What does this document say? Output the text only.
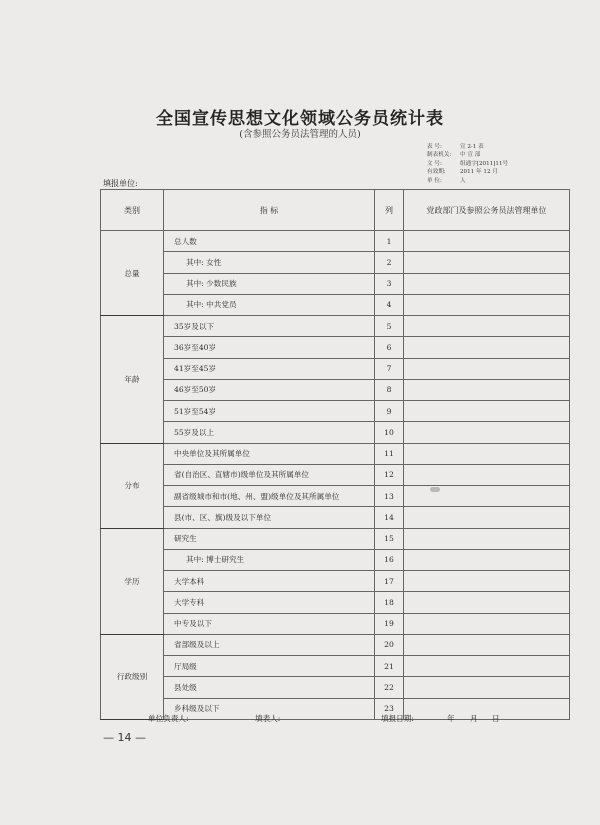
全国宣传思想文化领域公务员统计表
(含参照公务员法管理的人员)
表 号:	宣 2-1 表
制表机关:	中 宣 部
文 号:	组通字[2011]11号
有效期:	2011 年 12 月
单 位:	人
填报单位:
类别	指 标	列	党政部门及参照公务员法管理单位
总量	总人数	1	
	其中: 女性	2	
	其中: 少数民族	3	
	其中: 中共党员	4	
年龄	35岁及以下	5	
	36岁至40岁	6	
	41岁至45岁	7	
	46岁至50岁	8	
	51岁至54岁	9	
	55岁及以上	10	
分布	中央单位及其所属单位	11	
	省(自治区、直辖市)级单位及其所属单位	12	
	副省级城市和市(地、州、盟)级单位及其所属单位	13	
	县(市、区、旗)级及以下单位	14	
学历	研究生	15	
	其中: 博士研究生	16	
	大学本科	17	
	大学专科	18	
	中专及以下	19	
行政级别	省部级及以上	20	
	厅局级	21	
	县处级	22	
	乡科级及以下	23	
单位负责人:	填表人:	填报日期:	年 月 日
— 14 —
